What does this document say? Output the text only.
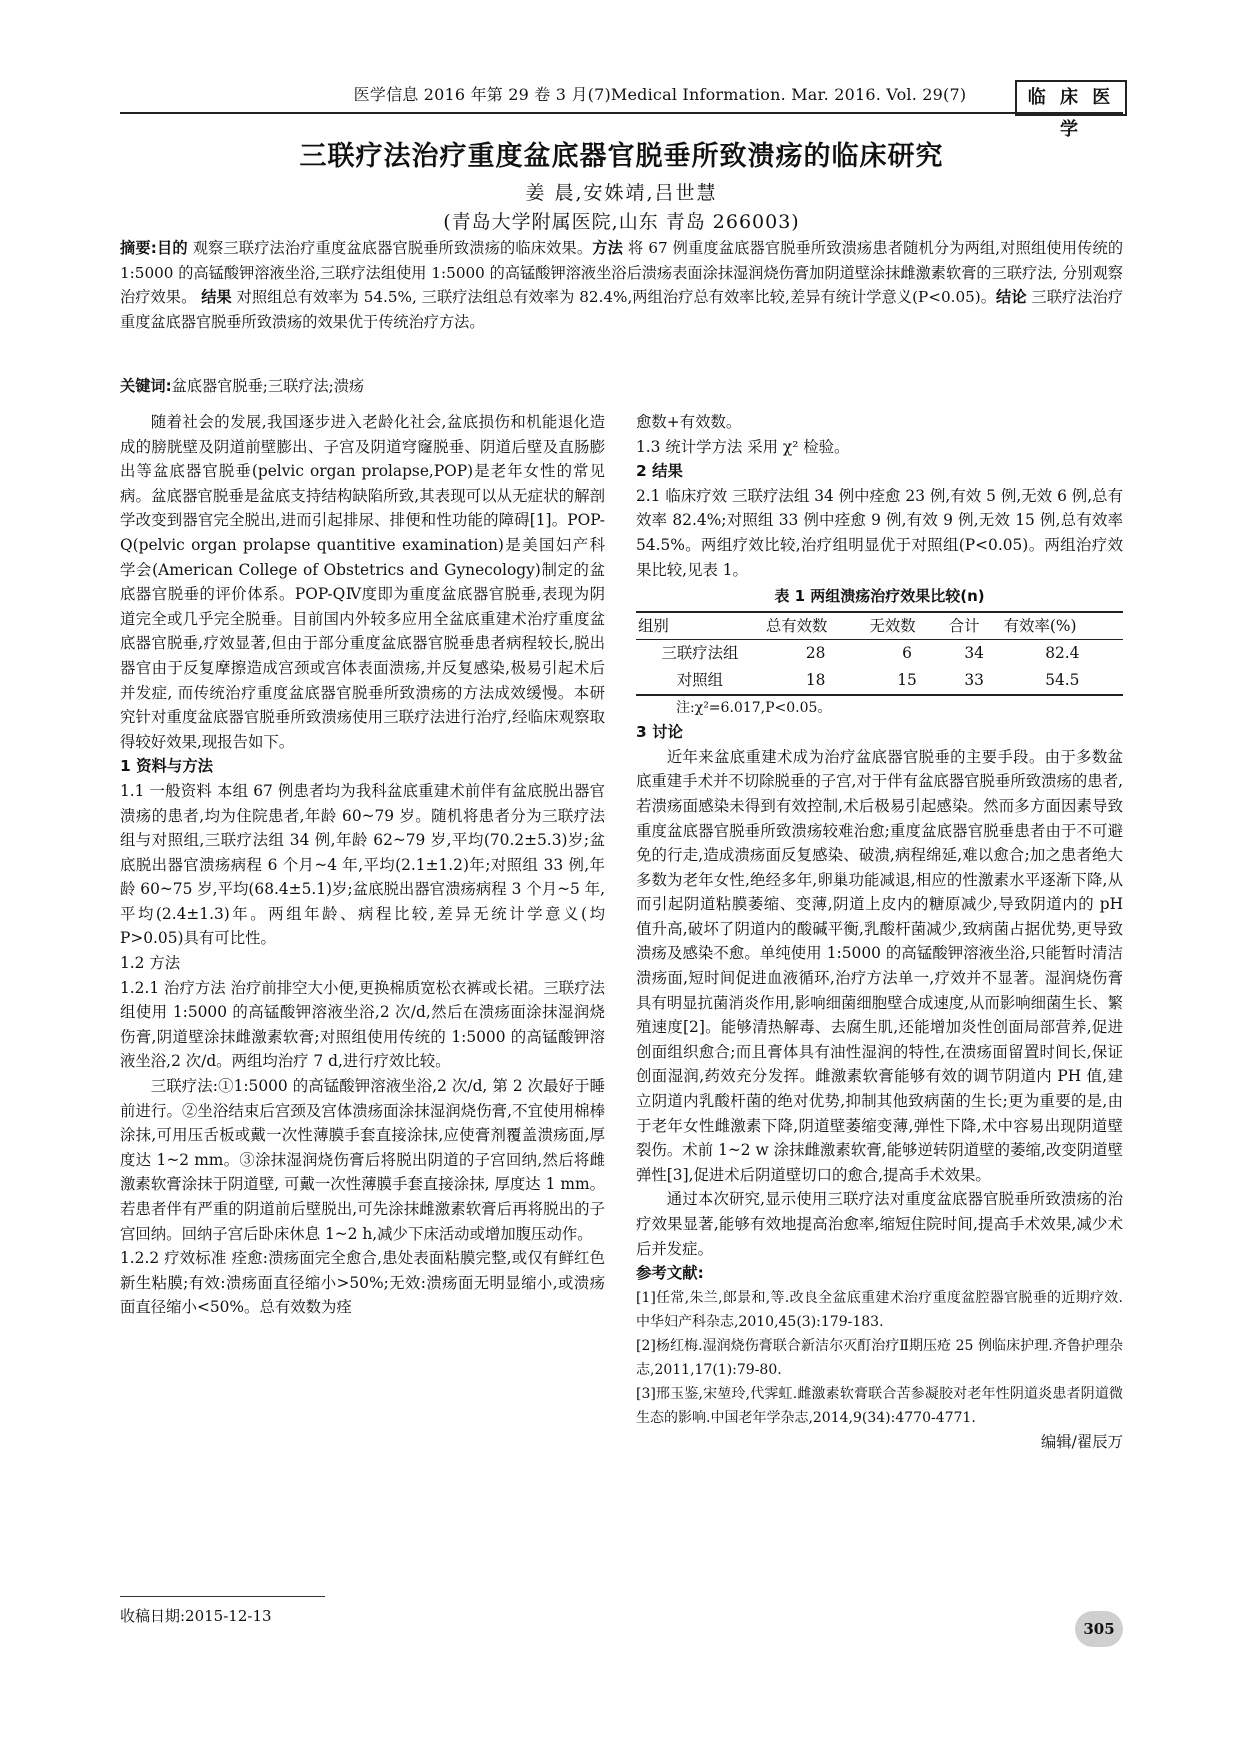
医学信息 2016 年第 29 卷 3 月(7)Medical Information. Mar. 2016. Vol. 29(7)	临 床 医 学
三联疗法治疗重度盆底器官脱垂所致溃疡的临床研究
姜 晨,安姝靖,吕世慧
(青岛大学附属医院,山东 青岛 266003)
摘要:目的 观察三联疗法治疗重度盆底器官脱垂所致溃疡的临床效果。方法 将 67 例重度盆底器官脱垂所致溃疡患者随机分为两组,对照组使用传统的 1:5000 的高锰酸钾溶液坐浴,三联疗法组使用 1:5000 的高锰酸钾溶液坐浴后溃疡表面涂抹湿润烧伤膏加阴道壁涂抹雌激素软膏的三联疗法, 分别观察治疗效果。 结果 对照组总有效率为 54.5%, 三联疗法组总有效率为 82.4%,两组治疗总有效率比较,差异有统计学意义(P<0.05)。结论 三联疗法治疗重度盆底器官脱垂所致溃疡的效果优于传统治疗方法。
关键词:盆底器官脱垂;三联疗法;溃疡

随着社会的发展,我国逐步进入老龄化社会,盆底损伤和机能退化造成的膀胱壁及阴道前壁膨出、子宫及阴道穹窿脱垂、阴道后壁及直肠膨出等盆底器官脱垂(pelvic organ prolapse,POP)是老年女性的常见病。盆底器官脱垂是盆底支持结构缺陷所致,其表现可以从无症状的解剖学改变到器官完全脱出,进而引起排尿、排便和性功能的障碍[1]。POP-Q(pelvic organ prolapse quantitive examination)是美国妇产科学会(American College of Obstetrics and Gynecology)制定的盆底器官脱垂的评价体系。POP-QⅣ度即为重度盆底器官脱垂,表现为阴道完全或几乎完全脱垂。目前国内外较多应用全盆底重建术治疗重度盆底器官脱垂,疗效显著,但由于部分重度盆底器官脱垂患者病程较长,脱出器官由于反复摩擦造成宫颈或宫体表面溃疡,并反复感染,极易引起术后并发症, 而传统治疗重度盆底器官脱垂所致溃疡的方法成效缓慢。本研究针对重度盆底器官脱垂所致溃疡使用三联疗法进行治疗,经临床观察取得较好效果,现报告如下。

1 资料与方法

1.1 一般资料 本组 67 例患者均为我科盆底重建术前伴有盆底脱出器官溃疡的患者,均为住院患者,年龄 60~79 岁。随机将患者分为三联疗法组与对照组,三联疗法组 34 例,年龄 62~79 岁,平均(70.2±5.3)岁;盆底脱出器官溃疡病程 6 个月~4 年,平均(2.1±1.2)年;对照组 33 例,年龄 60~75 岁,平均(68.4±5.1)岁;盆底脱出器官溃疡病程 3 个月~5 年,平均(2.4±1.3)年。两组年龄、病程比较,差异无统计学意义(均 P>0.05)具有可比性。

1.2 方法

1.2.1 治疗方法 治疗前排空大小便,更换棉质宽松衣裤或长裙。三联疗法组使用 1:5000 的高锰酸钾溶液坐浴,2 次/d,然后在溃疡面涂抹湿润烧伤膏,阴道壁涂抹雌激素软膏;对照组使用传统的 1:5000 的高锰酸钾溶液坐浴,2 次/d。两组均治疗 7 d,进行疗效比较。

三联疗法:①1:5000 的高锰酸钾溶液坐浴,2 次/d, 第 2 次最好于睡前进行。②坐浴结束后宫颈及宫体溃疡面涂抹湿润烧伤膏,不宜使用棉棒涂抹,可用压舌板或戴一次性薄膜手套直接涂抹,应使膏剂覆盖溃疡面,厚度达 1~2 mm。③涂抹湿润烧伤膏后将脱出阴道的子宫回纳,然后将雌激素软膏涂抹于阴道壁, 可戴一次性薄膜手套直接涂抹, 厚度达 1 mm。若患者伴有严重的阴道前后壁脱出,可先涂抹雌激素软膏后再将脱出的子宫回纳。回纳子宫后卧床休息 1~2 h,减少下床活动或增加腹压动作。

1.2.2 疗效标准 痊愈:溃疡面完全愈合,患处表面粘膜完整,或仅有鲜红色新生粘膜;有效:溃疡面直径缩小>50%;无效:溃疡面无明显缩小,或溃疡面直径缩小<50%。总有效数为痊

愈数+有效数。

1.3 统计学方法 采用 χ² 检验。

2 结果

2.1 临床疗效 三联疗法组 34 例中痊愈 23 例,有效 5 例,无效 6 例,总有效率 82.4%;对照组 33 例中痊愈 9 例,有效 9 例,无效 15 例,总有效率 54.5%。两组疗效比较,治疗组明显优于对照组(P<0.05)。两组治疗效果比较,见表 1。

表 1 两组溃疡治疗效果比较(n)
组别	总有效数	无效数	合计	有效率(%)
三联疗法组	28	6	34	82.4
对照组	18	15	33	54.5
注:χ²=6.017,P<0.05。

3 讨论

近年来盆底重建术成为治疗盆底器官脱垂的主要手段。由于多数盆底重建手术并不切除脱垂的子宫,对于伴有盆底器官脱垂所致溃疡的患者, 若溃疡面感染未得到有效控制,术后极易引起感染。然而多方面因素导致重度盆底器官脱垂所致溃疡较难治愈;重度盆底器官脱垂患者由于不可避免的行走,造成溃疡面反复感染、破溃,病程绵延,难以愈合;加之患者绝大多数为老年女性,绝经多年,卵巢功能减退,相应的性激素水平逐渐下降,从而引起阴道粘膜萎缩、变薄,阴道上皮内的糖原减少,导致阴道内的 pH 值升高,破坏了阴道内的酸碱平衡,乳酸杆菌减少,致病菌占据优势,更导致溃疡及感染不愈。单纯使用 1:5000 的高锰酸钾溶液坐浴,只能暂时清洁溃疡面,短时间促进血液循环,治疗方法单一,疗效并不显著。湿润烧伤膏具有明显抗菌消炎作用,影响细菌细胞壁合成速度,从而影响细菌生长、繁殖速度[2]。能够清热解毒、去腐生肌,还能增加炎性创面局部营养,促进创面组织愈合;而且膏体具有油性湿润的特性,在溃疡面留置时间长,保证创面湿润,药效充分发挥。雌激素软膏能够有效的调节阴道内 PH 值,建立阴道内乳酸杆菌的绝对优势,抑制其他致病菌的生长;更为重要的是,由于老年女性雌激素下降,阴道壁萎缩变薄,弹性下降,术中容易出现阴道壁裂伤。术前 1~2 w 涂抹雌激素软膏,能够逆转阴道壁的萎缩,改变阴道壁弹性[3],促进术后阴道壁切口的愈合,提高手术效果。

通过本次研究,显示使用三联疗法对重度盆底器官脱垂所致溃疡的治疗效果显著,能够有效地提高治愈率,缩短住院时间,提高手术效果,减少术后并发症。

参考文献:

[1]任常,朱兰,郎景和,等.改良全盆底重建术治疗重度盆腔器官脱垂的近期疗效.中华妇产科杂志,2010,45(3):179-183.

[2]杨红梅.湿润烧伤膏联合新洁尔灭酊治疗Ⅱ期压疮 25 例临床护理.齐鲁护理杂志,2011,17(1):79-80.

[3]邢玉鉴,宋堃玲,代霁虹.雌激素软膏联合苦参凝胶对老年性阴道炎患者阴道微生态的影响.中国老年学杂志,2014,9(34):4770-4771.

编辑/翟辰万

收稿日期:2015-12-13
305
